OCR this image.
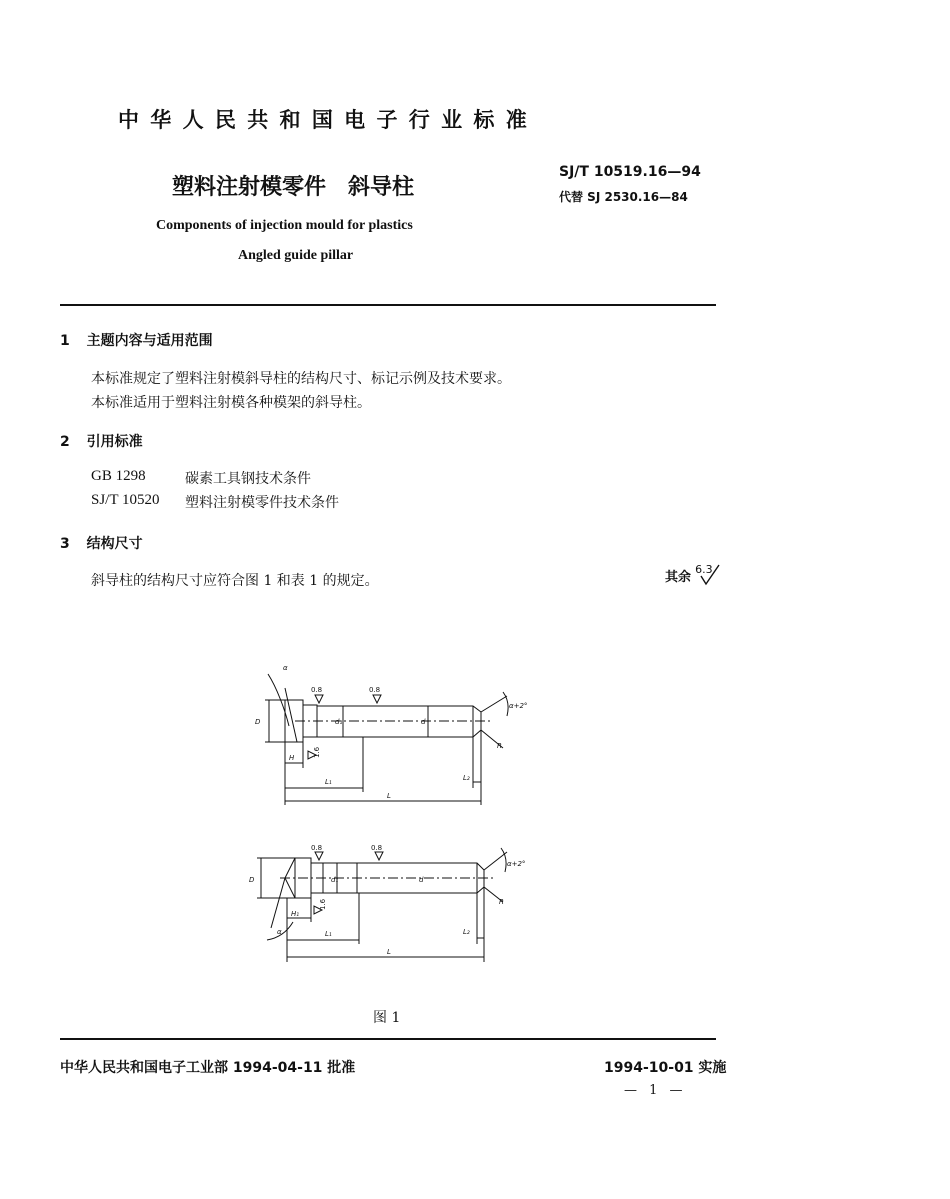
中 华 人 民 共 和 国 电 子 行 业 标 准
塑料注射模零件　斜导柱
SJ/T 10519.16—94
代替 SJ 2530.16—84
Components of injection mould for plastics
Angled guide pillar
1 主题内容与适用范围
本标准规定了塑料注射模斜导柱的结构尺寸、标记示例及技术要求。
本标准适用于塑料注射模各种模架的斜导柱。
2 引用标准
GB 1298	碳素工具钢技术条件
SJ/T 10520 塑料注射模零件技术条件
3 结构尺寸
斜导柱的结构尺寸应符合图 1 和表 1 的规定。	其余 $^{6.3}$
α
0.8	0.8
α+2°
D	d₁	d
R
H	1.6
L₁	L₂
L
0.8	0.8
α+2°
D	d₁	d
R
H₁
1.6
α	L₁	L₂
L
图 1
中华人民共和国电子工业部 1994-04-11 批准	1994-10-01 实施
— 1 —
